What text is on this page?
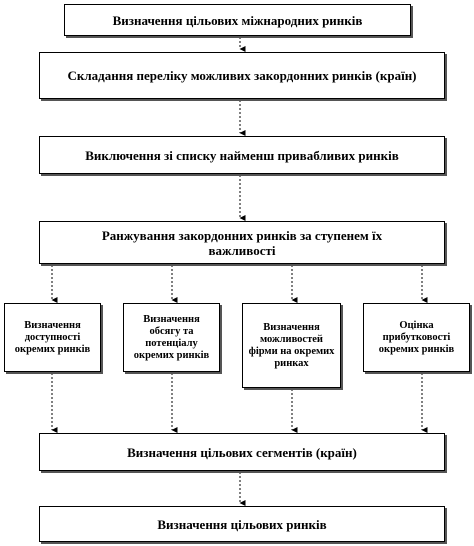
Визначення цільових міжнародних ринків
Складання переліку можливих закордонних ринків (країн)
Виключення зі списку найменш привабливих ринків
Ранжування закордонних ринків за ступенем їх важливості
Визначення доступності окремих ринків
Визначення обсягу та потенціалу окремих ринків
Визначення можливостей фірми на окремих ринках
Оцінка прибутковості окремих ринків
Визначення цільових сегментів (країн)
Визначення цільових ринків
